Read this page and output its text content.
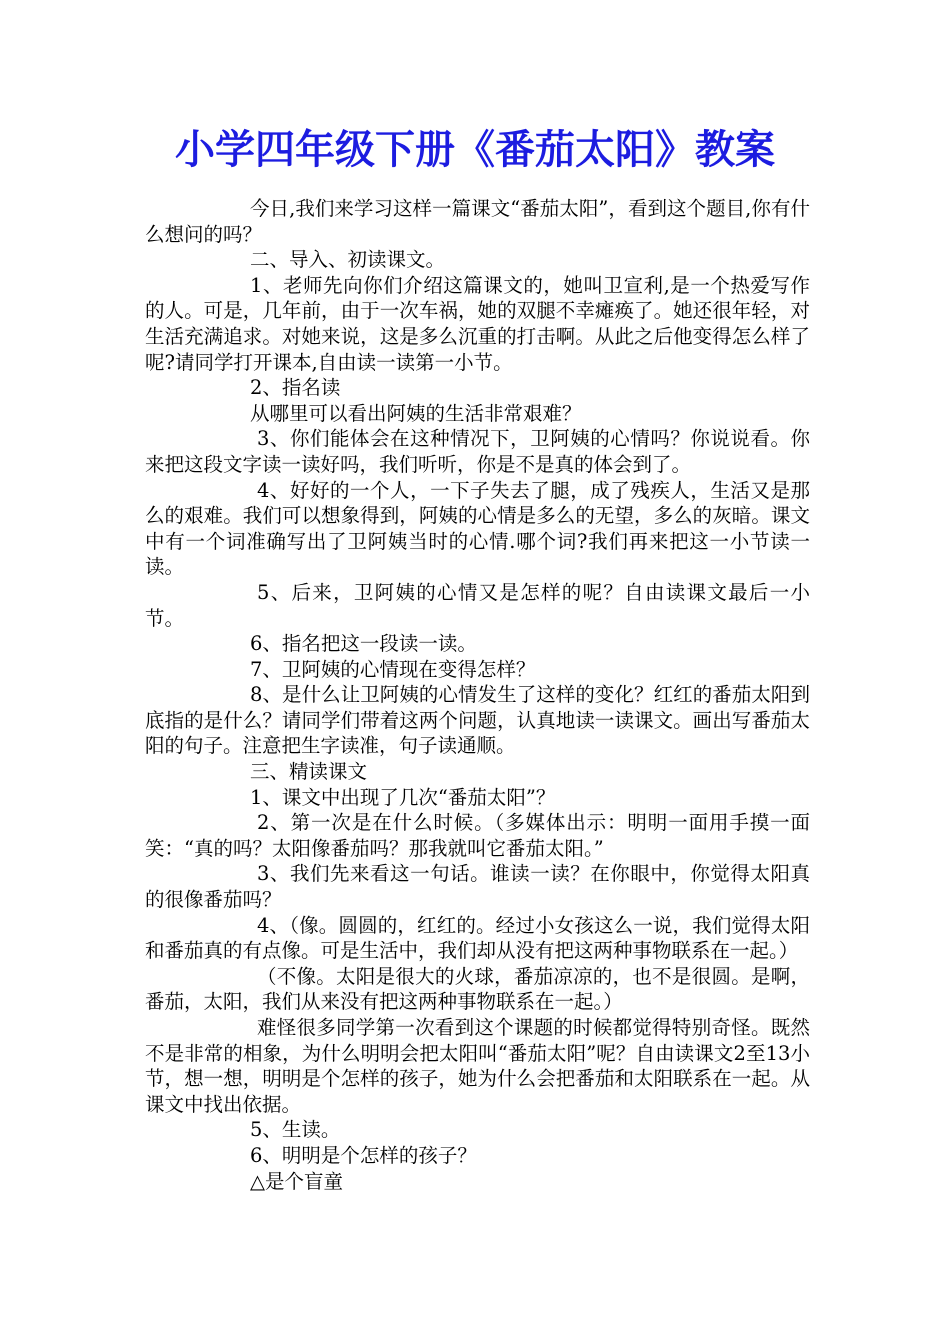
小学四年级下册《番茄太阳》教案

今日,我们来学习这样一篇课文“番茄太阳”，看到这个题目,你有什么想问的吗？

二、导入、初读课文。

1、老师先向你们介绍这篇课文的，她叫卫宣利,是一个热爱写作的人。可是，几年前，由于一次车祸，她的双腿不幸瘫痪了。她还很年轻，对生活充满追求。对她来说，这是多么沉重的打击啊。从此之后他变得怎么样了呢?请同学打开课本,自由读一读第一小节。

2、指名读

从哪里可以看出阿姨的生活非常艰难？

3、你们能体会在这种情况下，卫阿姨的心情吗？你说说看。你来把这段文字读一读好吗，我们听听，你是不是真的体会到了。

4、好好的一个人，一下子失去了腿，成了残疾人，生活又是那么的艰难。我们可以想象得到，阿姨的心情是多么的无望，多么的灰暗。课文中有一个词准确写出了卫阿姨当时的心情.哪个词?我们再来把这一小节读一读。

5、后来，卫阿姨的心情又是怎样的呢？自由读课文最后一小节。

6、指名把这一段读一读。

7、卫阿姨的心情现在变得怎样？

8、是什么让卫阿姨的心情发生了这样的变化？红红的番茄太阳到底指的是什么？请同学们带着这两个问题，认真地读一读课文。画出写番茄太阳的句子。注意把生字读准，句子读通顺。

三、精读课文

1、课文中出现了几次“番茄太阳”？

2、第一次是在什么时候。（多媒体出示：明明一面用手摸一面笑：“真的吗？太阳像番茄吗？那我就叫它番茄太阳。”

3、我们先来看这一句话。谁读一读？在你眼中，你觉得太阳真的很像番茄吗？

4、（像。圆圆的，红红的。经过小女孩这么一说，我们觉得太阳和番茄真的有点像。可是生活中，我们却从没有把这两种事物联系在一起。）

（不像。太阳是很大的火球，番茄凉凉的，也不是很圆。是啊，番茄，太阳，我们从来没有把这两种事物联系在一起。）

难怪很多同学第一次看到这个课题的时候都觉得特别奇怪。既然不是非常的相象，为什么明明会把太阳叫“番茄太阳”呢？自由读课文2至13小节，想一想，明明是个怎样的孩子，她为什么会把番茄和太阳联系在一起。从课文中找出依据。

5、生读。

6、明明是个怎样的孩子？

△是个盲童
